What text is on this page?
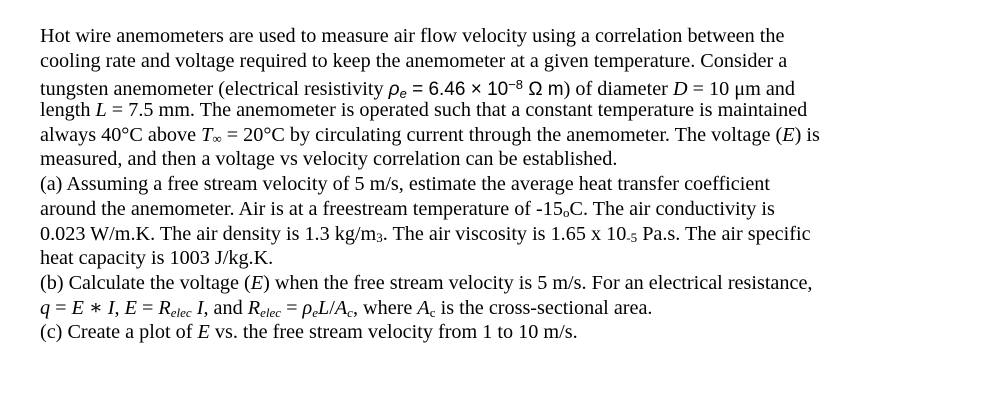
Hot wire anemometers are used to measure air flow velocity using a correlation between the
cooling rate and voltage required to keep the anemometer at a given temperature. Consider a
tungsten anemometer (electrical resistivity $\rho_e = 6.46 \times 10^{-8}$ Ω m) of diameter D = 10 μm and
length L = 7.5 mm. The anemometer is operated such that a constant temperature is maintained
always 40°C above T∞ = 20°C by circulating current through the anemometer. The voltage (E) is
measured, and then a voltage vs velocity correlation can be established.
(a) Assuming a free stream velocity of 5 m/s, estimate the average heat transfer coefficient
around the anemometer. Air is at a freestream temperature of -15oC. The air conductivity is
0.023 W/m.K. The air density is 1.3 kg/m3. The air viscosity is 1.65 x 10-5 Pa.s. The air specific
heat capacity is 1003 J/kg.K.
(b) Calculate the voltage (E) when the free stream velocity is 5 m/s. For an electrical resistance,
q = E ∗ I, $E = R_{elec}$ I, and $R_{elec} = \rho_eL/A_c$, where $A_c$ is the cross-sectional area.
(c) Create a plot of E vs. the free stream velocity from 1 to 10 m/s.
